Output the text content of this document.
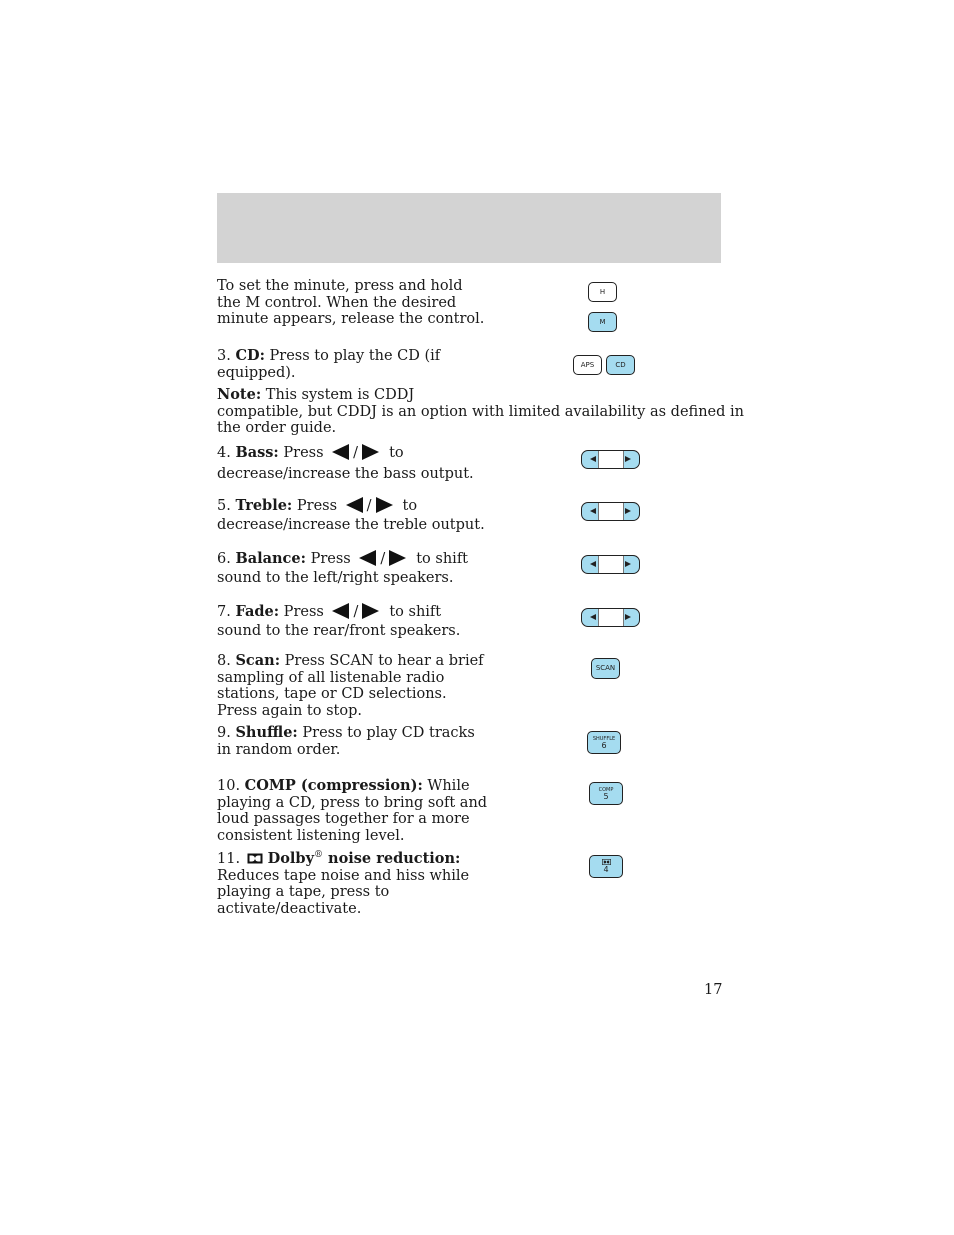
To set the minute, press and hold
the M control. When the desired
minute appears, release the control.
H
M
3. CD: Press to play the CD (if
equipped).	APS	CD
Note: This system is CDDJ
compatible, but CDDJ is an option with limited availability as defined in
the order guide.
4. Bass: Press / to
decrease/increase the bass output.
5. Treble: Press / to
decrease/increase the treble output.
6. Balance: Press / to shift
sound to the left/right speakers.
7. Fade: Press / to shift
sound to the rear/front speakers.
8. Scan: Press SCAN to hear a brief
sampling of all listenable radio
stations, tape or CD selections.
Press again to stop.
SCAN
9. Shuffle: Press to play CD tracks
in random order.
SHUFFLE
6
10. COMP (compression): While
playing a CD, press to bring soft and
loud passages together for a more
consistent listening level.
COMP
5
11. Dolby® noise reduction:
Reduces tape noise and hiss while
playing a tape, press to
activate/deactivate.
4
17
